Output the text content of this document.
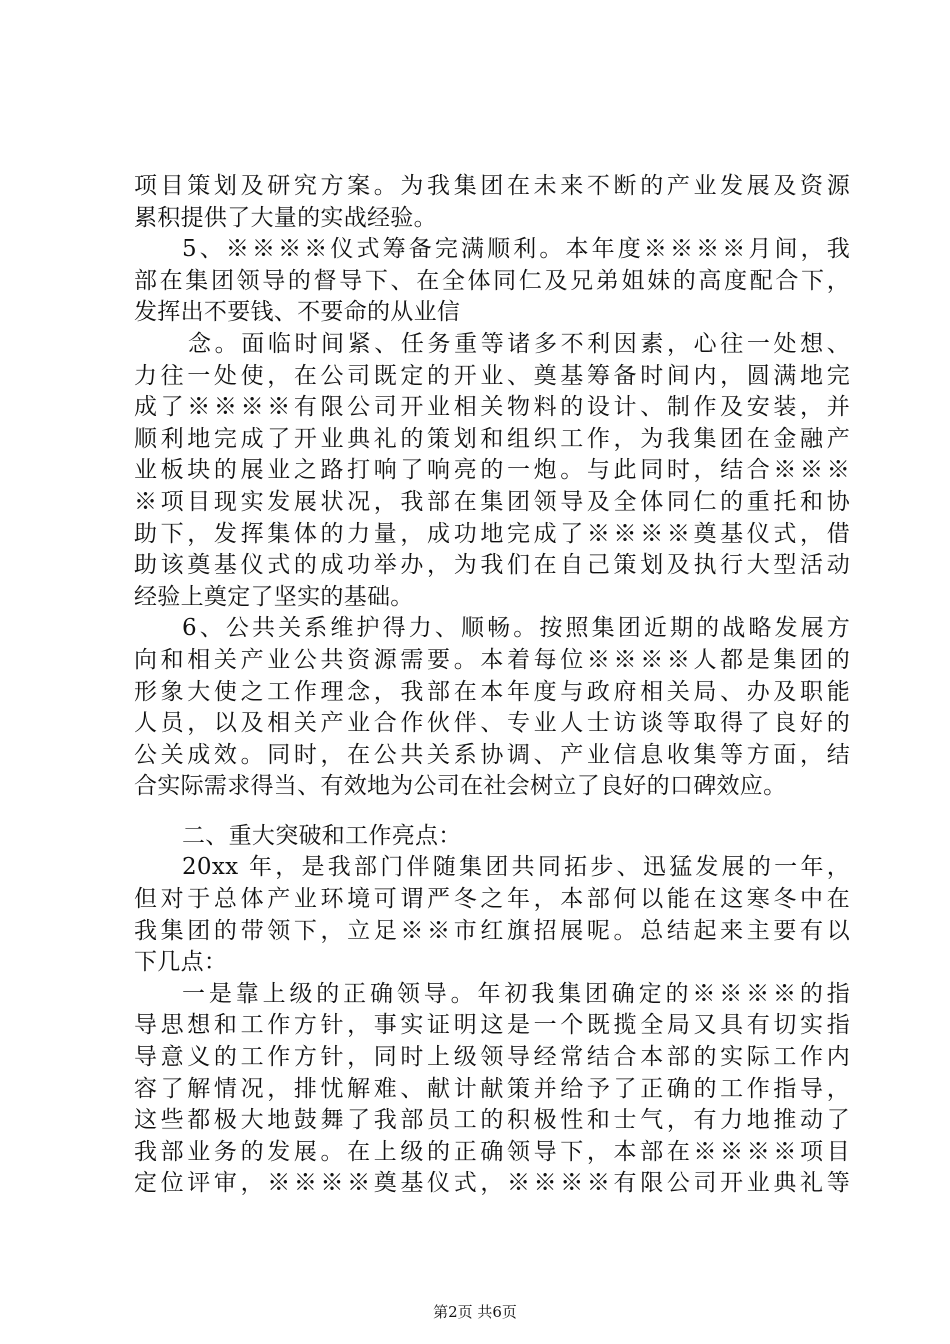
项目策划及研究方案。为我集团在未来不断的产业发展及资源
累积提供了大量的实战经验。
5、※※※※仪式筹备完满顺利。本年度※※※※月间，我
部在集团领导的督导下、在全体同仁及兄弟姐妹的高度配合下，
发挥出不要钱、不要命的从业信
念。面临时间紧、任务重等诸多不利因素，心往一处想、
力往一处使，在公司既定的开业、奠基筹备时间内，圆满地完
成了※※※※有限公司开业相关物料的设计、制作及安装，并
顺利地完成了开业典礼的策划和组织工作，为我集团在金融产
业板块的展业之路打响了响亮的一炮。与此同时，结合※※※
※项目现实发展状况，我部在集团领导及全体同仁的重托和协
助下，发挥集体的力量，成功地完成了※※※※奠基仪式，借
助该奠基仪式的成功举办，为我们在自己策划及执行大型活动
经验上奠定了坚实的基础。
6、公共关系维护得力、顺畅。按照集团近期的战略发展方
向和相关产业公共资源需要。本着每位※※※※人都是集团的
形象大使之工作理念，我部在本年度与政府相关局、办及职能
人员，以及相关产业合作伙伴、专业人士访谈等取得了良好的
公关成效。同时，在公共关系协调、产业信息收集等方面，结
合实际需求得当、有效地为公司在社会树立了良好的口碑效应。
二、重大突破和工作亮点：
20xx 年，是我部门伴随集团共同拓步、迅猛发展的一年，
但对于总体产业环境可谓严冬之年，本部何以能在这寒冬中在
我集团的带领下，立足※※市红旗招展呢。总结起来主要有以
下几点：
一是靠上级的正确领导。年初我集团确定的※※※※的指
导思想和工作方针，事实证明这是一个既揽全局又具有切实指
导意义的工作方针，同时上级领导经常结合本部的实际工作内
容了解情况，排忧解难、献计献策并给予了正确的工作指导，
这些都极大地鼓舞了我部员工的积极性和士气，有力地推动了
我部业务的发展。在上级的正确领导下，本部在※※※※项目
定位评审，※※※※奠基仪式，※※※※有限公司开业典礼等
第2页 共6页
